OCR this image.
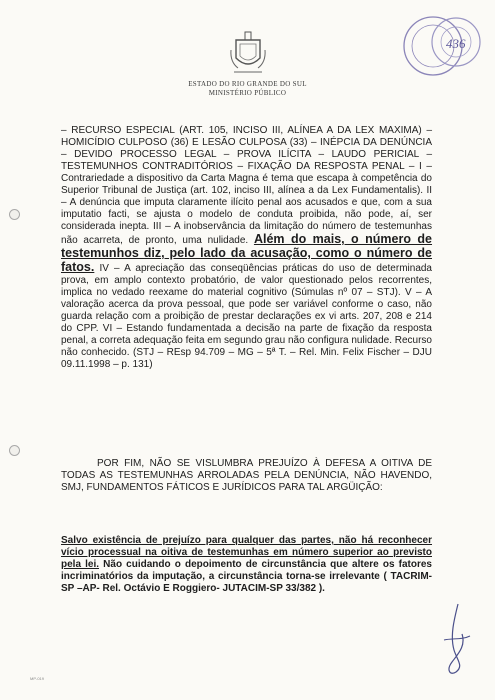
ESTADO DO RIO GRANDE DO SUL
MINISTÉRIO PÚBLICO
436
– RECURSO ESPECIAL (ART. 105, INCISO III, ALÍNEA A DA LEX MAXIMA) – HOMICÍDIO CULPOSO (36) E LESÃO CULPOSA (33) – INÉPCIA DA DENÚNCIA – DEVIDO PROCESSO LEGAL – PROVA ILÍCITA – LAUDO PERICIAL – TESTEMUNHOS CONTRADITÓRIOS – FIXAÇÃO DA RESPOSTA PENAL – I – Contrariedade a dispositivo da Carta Magna é tema que escapa à competência do Superior Tribunal de Justiça (art. 102, inciso III, alínea a da Lex Fundamentalis). II – A denúncia que imputa claramente ilícito penal aos acusados e que, com a sua imputatio facti, se ajusta o modelo de conduta proibida, não pode, aí, ser considerada inepta. III – A inobservância da limitação do número de testemunhas não acarreta, de pronto, uma nulidade. Além do mais, o número de testemunhos diz, pelo lado da acusação, como o número de fatos. IV – A apreciação das conseqüências práticas do uso de determinada prova, em amplo contexto probatório, de valor questionado pelos recorrentes, implica no vedado reexame do material cognitivo (Súmulas nº 07 – STJ). V – A valoração acerca da prova pessoal, que pode ser variável conforme o caso, não guarda relação com a proibição de prestar declarações ex vi arts. 207, 208 e 214 do CPP. VI – Estando fundamentada a decisão na parte de fixação da resposta penal, a correta adequação feita em segundo grau não configura nulidade. Recurso não conhecido. (STJ – REsp 94.709 – MG – 5ª T. – Rel. Min. Felix Fischer – DJU 09.11.1998 – p. 131)
POR FIM, NÃO SE VISLUMBRA PREJUÍZO À DEFESA A OITIVA DE TODAS AS TESTEMUNHAS ARROLADAS PELA DENÚNCIA, NÃO HAVENDO, SMJ, FUNDAMENTOS FÁTICOS E JURÍDICOS PARA TAL ARGÜIÇÃO:
Salvo existência de prejuízo para qualquer das partes, não há reconhecer vício processual na oitiva de testemunhas em número superior ao previsto pela lei. Não cuidando o depoimento de circunstância que altere os fatores incriminatórios da imputação, a circunstância torna-se irrelevante ( TACRIM-SP –AP- Rel. Octávio E Roggiero- JUTACIM-SP 33/382 ).
MP-019
